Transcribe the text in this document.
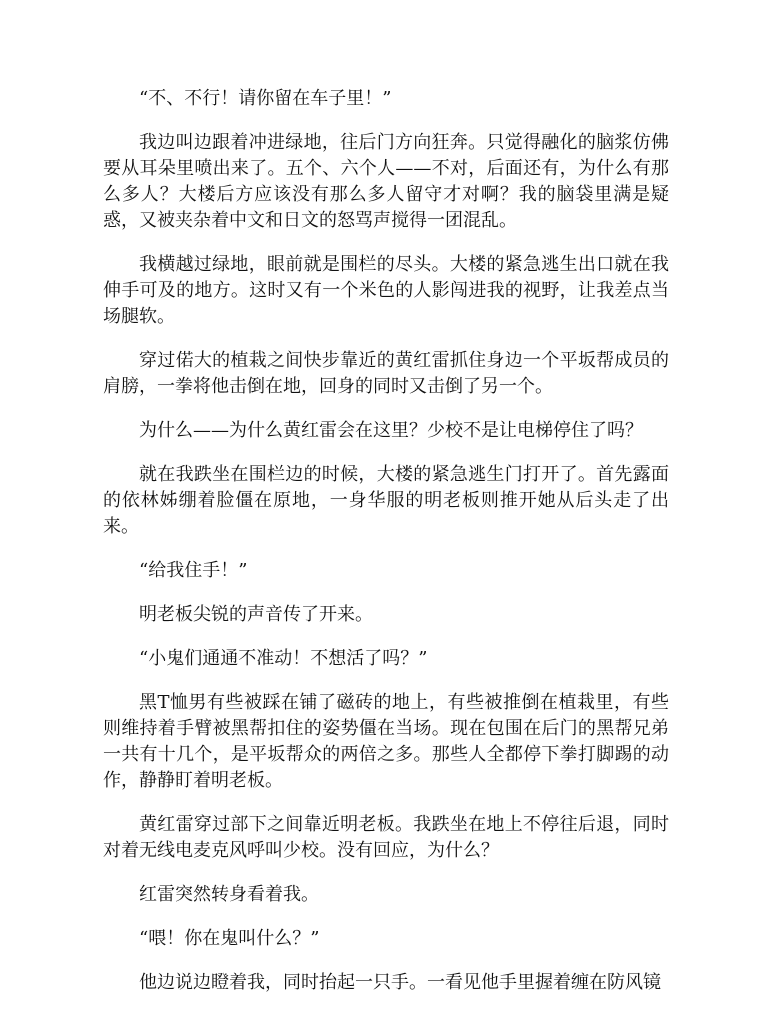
“不、不行！请你留在车子里！”

我边叫边跟着冲进绿地，往后门方向狂奔。只觉得融化的脑浆仿佛要从耳朵里喷出来了。五个、六个人——不对，后面还有，为什么有那么多人？大楼后方应该没有那么多人留守才对啊？我的脑袋里满是疑惑，又被夹杂着中文和日文的怒骂声搅得一团混乱。

我横越过绿地，眼前就是围栏的尽头。大楼的紧急逃生出口就在我伸手可及的地方。这时又有一个米色的人影闯进我的视野，让我差点当场腿软。

穿过偌大的植栽之间快步靠近的黄红雷抓住身边一个平坂帮成员的肩膀，一拳将他击倒在地，回身的同时又击倒了另一个。

为什么——为什么黄红雷会在这里？少校不是让电梯停住了吗？

就在我跌坐在围栏边的时候，大楼的紧急逃生门打开了。首先露面的依林姊绷着脸僵在原地，一身华服的明老板则推开她从后头走了出来。

“给我住手！”

明老板尖锐的声音传了开来。

“小鬼们通通不准动！不想活了吗？”

黑T恤男有些被踩在铺了磁砖的地上，有些被推倒在植栽里，有些则维持着手臂被黑帮扣住的姿势僵在当场。现在包围在后门的黑帮兄弟一共有十几个，是平坂帮众的两倍之多。那些人全都停下拳打脚踢的动作，静静盯着明老板。

黄红雷穿过部下之间靠近明老板。我跌坐在地上不停往后退，同时对着无线电麦克风呼叫少校。没有回应，为什么？

红雷突然转身看着我。

“喂！你在鬼叫什么？”

他边说边瞪着我，同时抬起一只手。一看见他手里握着缠在防风镜
